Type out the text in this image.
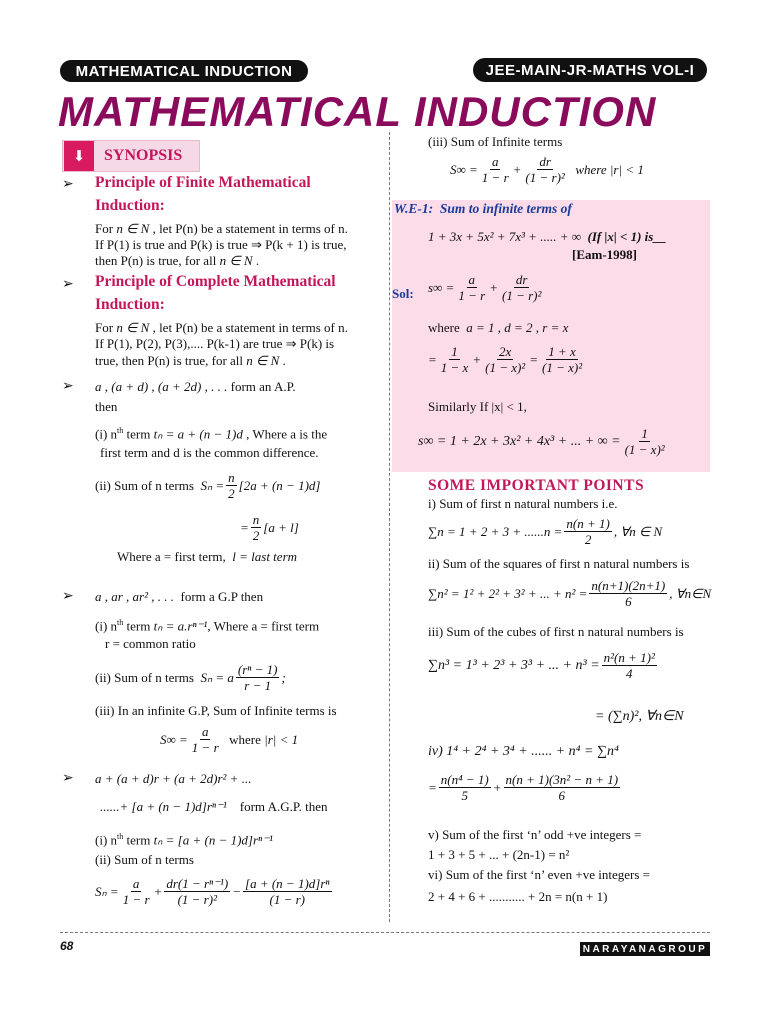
MATHEMATICAL INDUCTION	JEE-MAIN-JR-MATHS VOL-I
MATHEMATICAL INDUCTION
⬇	SYNOPSIS
➢ Principle of Finite Mathematical
Induction:
For n ∈ N , let P(n) be a statement in terms of n.
If P(1) is true and P(k) is true ⇒ P(k + 1) is true,
then P(n) is true, for all n ∈ N .
➢ Principle of Complete Mathematical
Induction:
For n ∈ N , let P(n) be a statement in terms of n.
If P(1), P(2), P(3),.... P(k-1) are true ⇒ P(k) is
true, then P(n) is true, for all n ∈ N .
➢ a , (a + d) , (a + 2d) , . . . form an A.P.
then
(i) $n^{th}$ term tₙ = a + (n − 1)d , Where a is the
first term and d is the common difference.
(ii) Sum of n terms
$S_n = \frac{n}{2} [2a + (n - 1)d]$
= $\frac{n}{2} [a + l]$
Where a = first term, l = last term
➢ a , ar , ar² , . . . form a G.P then
(i) $n^{th}$ term tₙ = a.rⁿ⁻¹, Where a = first term
r = common ratio
(ii) Sum of n terms
Sₙ = a $\frac{\text{(rⁿ − 1)}}{r - 1}$ ;
(iii) In an infinite G.P, Sum of Infinite terms is
$S\infty = \frac{a}{1 - r}$
where
|r| < 1
➢ a + (a + d)r + (a + 2d)r² + ...
......+ [a + (n − 1)d]rⁿ⁻¹ form A.G.P. then
(i) $n^{th}$ term tₙ = [a + (n − 1)d]rⁿ⁻¹
(ii) Sum of n terms
$S_n = \frac{a}{1 - r} + \frac{\text{dr(1 − rⁿ⁻¹)}}{\text{(1 − r)²}} - \frac{\text{[a + (n − 1)d]rⁿ}}{(1 - r)}$
(iii) Sum of Infinite terms
$S\infty = \frac{a}{1 - r} + \frac{dr}{\text{(1 − r)²}}$
where
|r| < 1
W.E-1: Sum to infinite terms of
1 + 3x + 5x² + 7x³ + ..... + ∞ (If |x| < 1) is__
[Eam-1998]
Sol: $s\infty = \frac{a}{1 - r} + \frac{dr}{\text{(1 − r)²}}$
where a = 1 , d = 2 , r = x
= $\frac{1}{1 - x} + \frac{2x}{\text{(1 − x)²}} = \frac{1 + x}{\text{(1 − x)²}}$
Similarly If |x| < 1,
s∞ = 1 + 2x + 3x² + 4x³ + ... + ∞ = $\frac{1}{\text{(1 − x)²}}$
SOME IMPORTANT POINTS
i) Sum of first n natural numbers i.e.
$\sum n = 1 + 2 + 3 + ......n = \frac{n(n + 1)}{2}$ , ∀n ∈ N
ii) Sum of the squares of first n natural numbers is
∑n² = 1² + 2² + 3² + ... + $n^2 = \frac{n(n+1)(2n+1)}{6}$ , ∀n∈N
iii) Sum of the cubes of first n natural numbers is
∑n³ = 1³ + 2³ + 3³ + ... + $n^3 = \frac{\text{n²(n + 1)²}}{4}$
= (∑n)², ∀n∈N
iv) 1⁴ + 2⁴ + 3⁴ + ...... + n⁴ = ∑n⁴
= $\frac{\text{n(n⁴ − 1)}}{5} + \frac{\text{n(n + 1)(3n² − n + 1)}}{6}$
v) Sum of the first ‘n’ odd +ve integers =
1 + 3 + 5 + ... + (2n-1) = n²
vi) Sum of the first ‘n’ even +ve integers =
2 + 4 + 6 + ........... + 2n = n(n + 1)
68	NARAYANAGROUP
